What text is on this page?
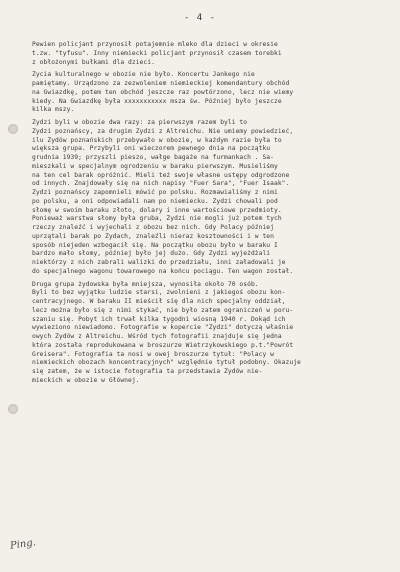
- 4 -
Pewien policjant przynosił potajemnie mleko dla dzieci w okresie
t.zw. "tyfusu". Inny niemiecki policjant przynosił czasem torebki
z obłożonymi bułkami dla dzieci.
Życia kulturalnego w obozie nie było. Koncertu Jankego nie
pamiętamy. Urządzono za zezwoleniem niemieckiej komendantury obchód
na Gwiazdkę, potem ten obchód jeszcze raz powtórzono, lecz nie wiemy
kiedy. Na Gwiazdkę była xxxxxxxxxxx msza św. Później było jeszcze
kilka mszy.
Żydzi byli w obozie dwa razy: za pierwszym razem byli to
Żydzi poznańscy, za drugim Żydzi z Altreichu. Nie umiemy powiedzieć,
ilu Żydów poznańskich przebywało w obozie, w każdym razie była to
większa grupa. Przybyli oni wieczorem pewnego dnia na początku
grudnia 1939; przyszli pieszo, wałge bagaże na furmankach . Sa-
mieszkali w specjalnym ogrodzeniu w baraku pierwszym. Musieliśmy
na ten cel barak opróżnić. Mieli też swoje własne ustępy odgrodzone
od innych. Znajdowały się na nich napisy "Fuer Sara", "Fuer Isaak".
Żydzi poznańscy zapomnieli mówić po polsku. Rozmawialiśmy z nimi
po polsku, a oni odpowiadali nam po niemiecku. Żydzi chowali pod
słomę w swoim baraku złoto, dolary i inne wartościowe przedmioty.
Ponieważ warstwa słomy była gruba, Żydzi nie mogli już potem tych
rzeczy znaleźć i wyjechali z obozu bez nich. Gdy Polacy później
uprzątali barak po Żydach, znaleźli nieraz kosztowności i w ten
sposób niejeden wzbogacił się. Na początku obozu było w baraku I
bardzo mało słomy, później było jej dużo. Gdy Żydzi wyjeżdżali
niektórzy z nich zabrali walizki do przedziału, inni załadowali je
do specjalnego wagonu towarowego na końcu pociągu. Ten wagon został.
Druga grupa żydowska była mniejsza, wynosiła około 70 osób.
Byli to bez wyjątku ludzie starsi, zwolnieni z jakiegoś obozu kon-
centracyjnego. W baraku II mieścił się dla nich specjalny oddział,
lecz można było się z nimi stykać, nie było zatem ograniczeń w poru-
szaniu się. Pobyt ich trwał kilka tygodni wiosną 1940 r. Dokąd ich
wywieziono niewiadomo. Fotografie w kopercie "Żydzi" dotyczą właśnie
owych Żydów z Altreichu. Wśród tych fotografii znajduje się jedna
która została reprodukowana w broszurze Wietrzykowskiego p.t."Powrót
Greisera". Fotografia ta nosi w owej broszurze tytuł: "Polacy w
niemieckich obozach koncentracyjnych" względnie tytuł podobny. Okazuje
się zatem, że w istocie fotografia ta przedstawia Żydów nie-
mieckich w obozie w Głównej.
Ping.
